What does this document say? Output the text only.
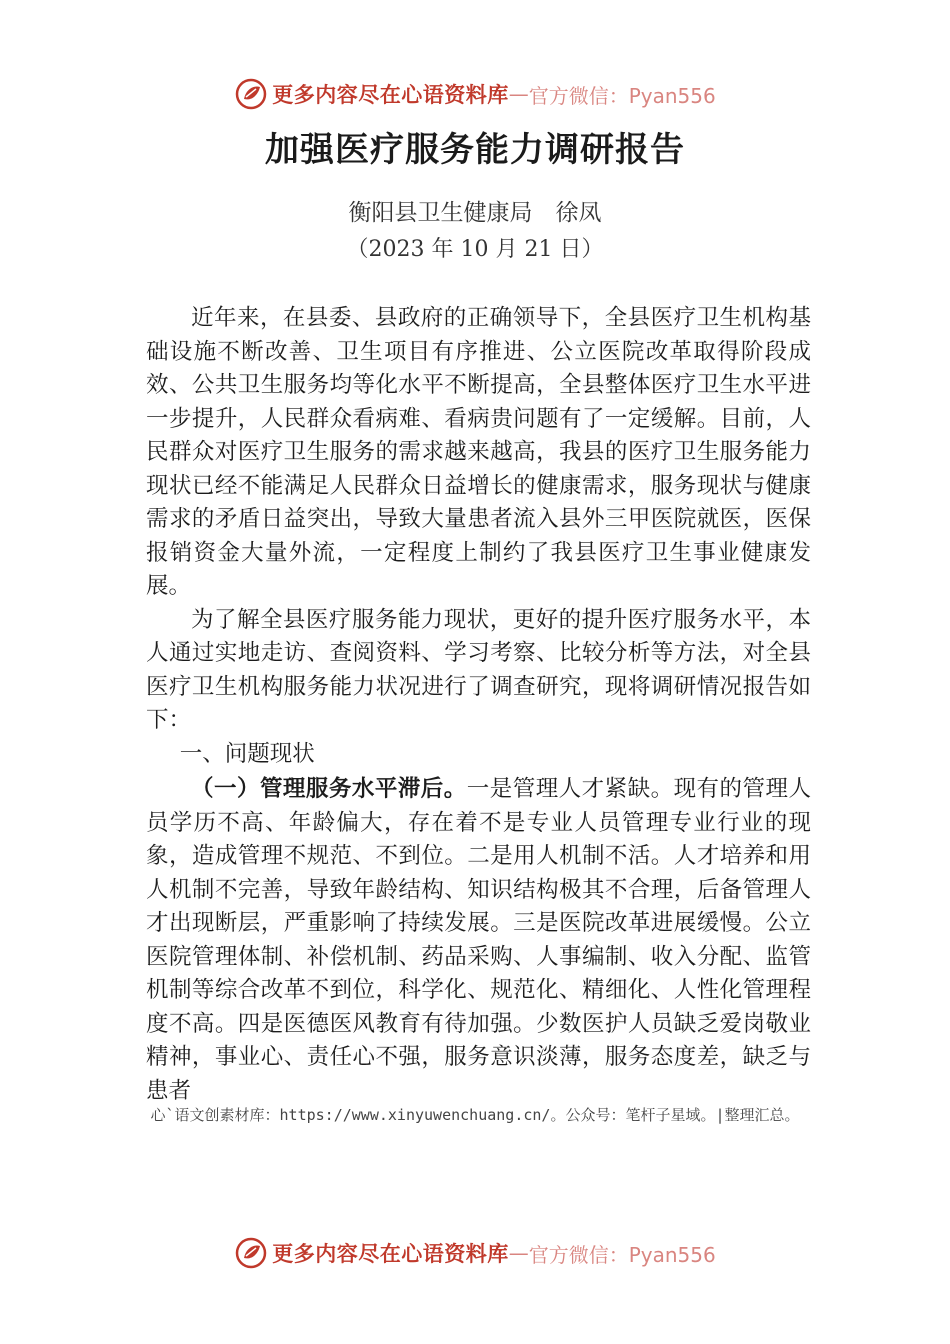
更多内容尽在心语资料库 — 官方微信：Pyan556
加强医疗服务能力调研报告
衡阳县卫生健康局　徐凤
（2023 年 10 月 21 日）

近年来，在县委、县政府的正确领导下，全县医疗卫生机构基础设施不断改善、卫生项目有序推进、公立医院改革取得阶段成效、公共卫生服务均等化水平不断提高，全县整体医疗卫生水平进一步提升，人民群众看病难、看病贵问题有了一定缓解。目前，人民群众对医疗卫生服务的需求越来越高，我县的医疗卫生服务能力现状已经不能满足人民群众日益增长的健康需求，服务现状与健康需求的矛盾日益突出，导致大量患者流入县外三甲医院就医，医保报销资金大量外流，一定程度上制约了我县医疗卫生事业健康发展。

为了解全县医疗服务能力现状，更好的提升医疗服务水平，本人通过实地走访、查阅资料、学习考察、比较分析等方法，对全县医疗卫生机构服务能力状况进行了调查研究，现将调研情况报告如下：

一、问题现状

（一）管理服务水平滞后。一是管理人才紧缺。现有的管理人员学历不高、年龄偏大，存在着不是专业人员管理专业行业的现象，造成管理不规范、不到位。二是用人机制不活。人才培养和用人机制不完善，导致年龄结构、知识结构极其不合理，后备管理人才出现断层，严重影响了持续发展。三是医院改革进展缓慢。公立医院管理体制、补偿机制、药品采购、人事编制、收入分配、监管机制等综合改革不到位，科学化、规范化、精细化、人性化管理程度不高。四是医德医风教育有待加强。少数医护人员缺乏爱岗敬业精神，事业心、责任心不强，服务意识淡薄，服务态度差，缺乏与患者

心`语文创素材库：https://www.xinyuwenchuang.cn/。公众号：笔杆子星域。|整理汇总。
更多内容尽在心语资料库 — 官方微信：Pyan556
